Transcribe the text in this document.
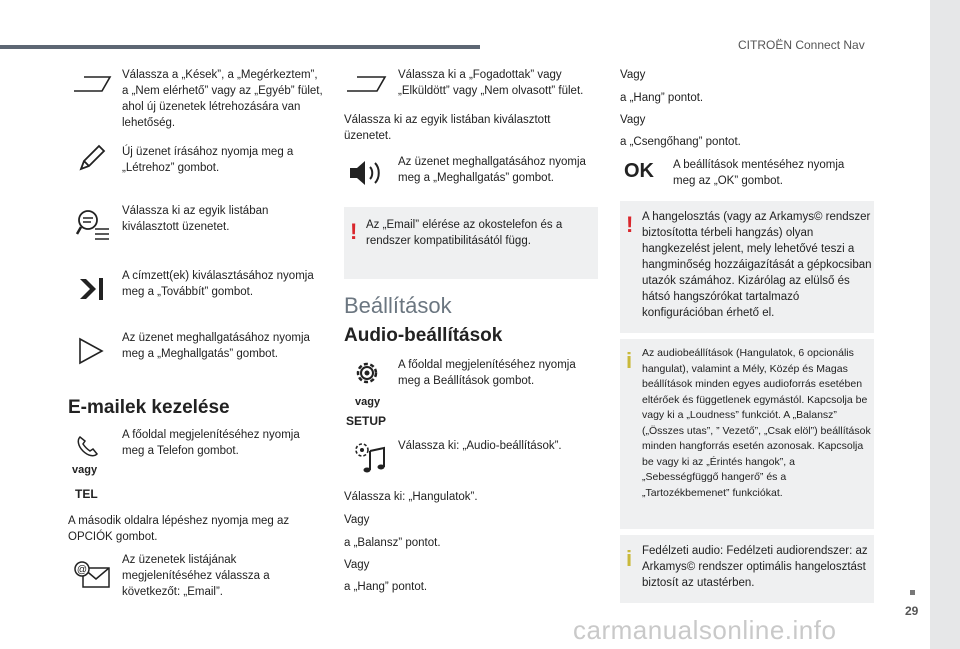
CITROËN Connect Nav
29
Válassza a „Kések”, a „Megérkeztem”, a „Nem elérhető” vagy az „Egyéb” fület, ahol új üzenetek létrehozására van lehetőség.
Új üzenet írásához nyomja meg a „Létrehoz” gombot.
Válassza ki az egyik listában kiválasztott üzenetet.
A címzett(ek) kiválasztásához nyomja meg a „Továbbít” gombot.
Az üzenet meghallgatásához nyomja meg a „Meghallgatás” gombot.
E-mailek kezelése
vagy
TEL
A főoldal megjelenítéséhez nyomja meg a Telefon gombot.
A második oldalra lépéshez nyomja meg az OPCIÓK gombot.
@
Az üzenetek listájának megjelenítéséhez válassza a következőt: „Email”.
Válassza ki a „Fogadottak” vagy „Elküldött” vagy „Nem olvasott” fület.
Válassza ki az egyik listában kiválasztott üzenetet.
Az üzenet meghallgatásához nyomja meg a „Meghallgatás” gombot.
! Az „Email” elérése az okostelefon és a rendszer kompatibilitásától függ.
Beállítások
Audio-beállítások
vagy
SETUP
A főoldal megjelenítéséhez nyomja meg a Beállítások gombot.
Válassza ki: „Audio-beállítások”.
Válassza ki: „Hangulatok”.
Vagy
a „Balansz” pontot.
Vagy
a „Hang” pontot.
Vagy
a „Hang” pontot.
Vagy
a „Csengőhang” pontot.
OK A beállítások mentéséhez nyomja meg az „OK” gombot.
! A hangelosztás (vagy az Arkamys© rendszer biztosította térbeli hangzás) olyan hangkezelést jelent, mely lehetővé teszi a hangminőség hozzáigazítását a gépkocsiban utazók számához. Kizárólag az elülső és hátsó hangszórókat tartalmazó konfigurációban érhető el.
i Az audiobeállítások (Hangulatok, 6 opcionális hangulat), valamint a Mély, Közép és Magas beállítások minden egyes audioforrás esetében eltérőek és függetlenek egymástól. Kapcsolja be vagy ki a „Loudness” funkciót. A „Balansz” („Összes utas”, ” Vezető”, „Csak elöl”) beállítások minden hangforrás esetén azonosak. Kapcsolja be vagy ki az „Érintés hangok”, a „Sebességfüggő hangerő” és a „Tartozékbemenet” funkciókat.
i Fedélzeti audio: Fedélzeti audiorendszer: az Arkamys© rendszer optimális hangelosztást biztosít az utastérben.
carmanualsonline.info
